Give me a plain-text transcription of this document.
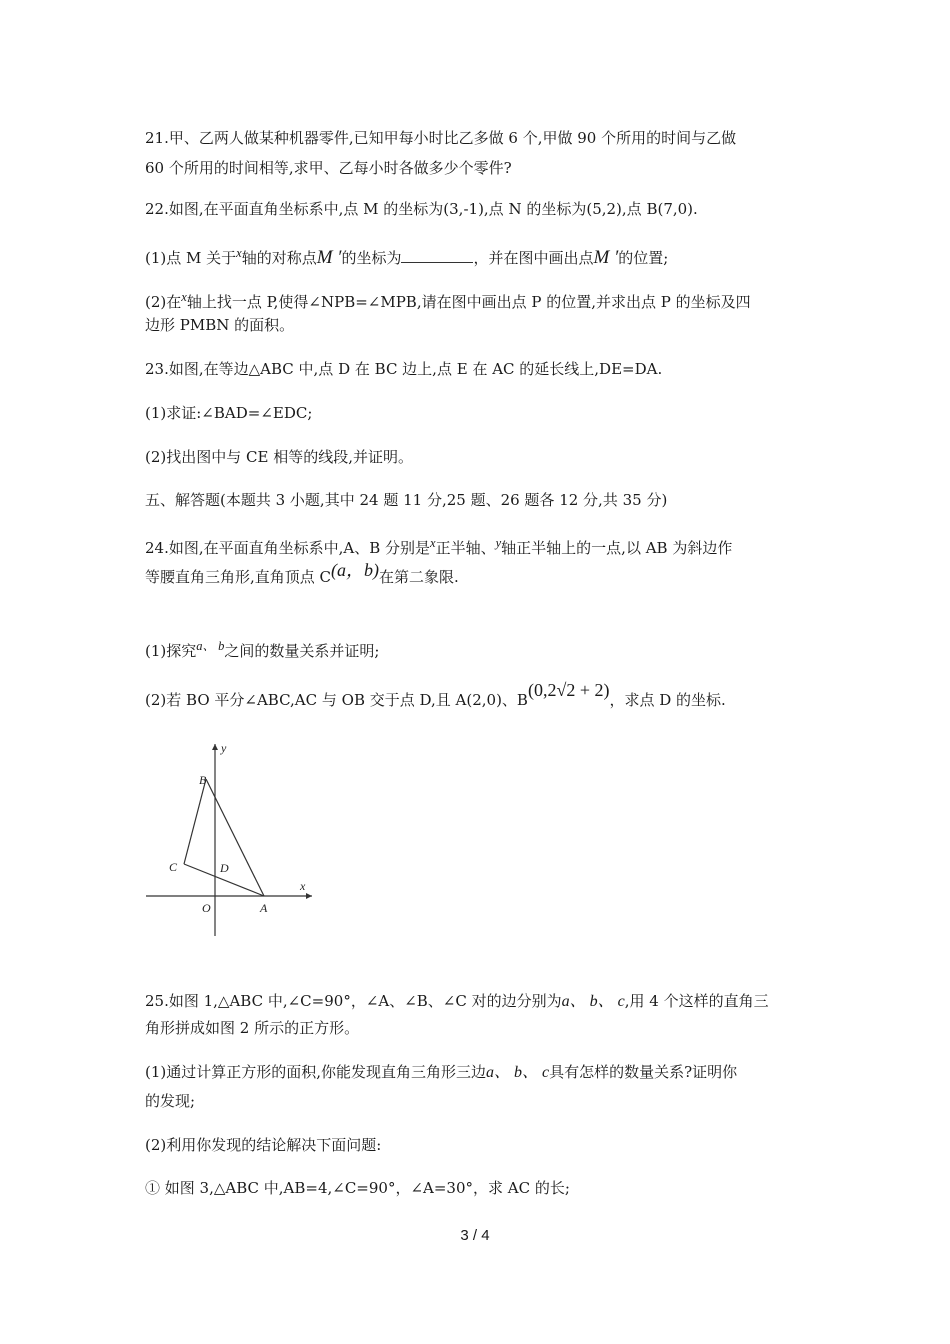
21.甲、乙两人做某种机器零件,已知甲每小时比乙多做 6 个,甲做 90 个所用的时间与乙做
60 个所用的时间相等,求甲、乙每小时各做多少个零件?
22.如图,在平面直角坐标系中,点 M 的坐标为(3,-1),点 N 的坐标为(5,2),点 B(7,0).
(1)点 M 关于$^x$轴的对称点M ′的坐标为	，并在图中画出点M ′的位置;
(2)在$^x$轴上找一点 P,使得∠NPB=∠MPB,请在图中画出点 P 的位置,并求出点 P 的坐标及四
边形 PMBN 的面积。
23.如图,在等边△ABC 中,点 D 在 BC 边上,点 E 在 AC 的延长线上,DE=DA.
(1)求证:∠BAD=∠EDC;
(2)找出图中与 CE 相等的线段,并证明。
五、解答题(本题共 3 小题,其中 24 题 11 分,25 题、26 题各 12 分,共 35 分)
24.如图,在平面直角坐标系中,A、B 分别是$^x$正半轴、$^y$轴正半轴上的一点,以 AB 为斜边作
等腰直角三角形,直角顶点 C(a，b)在第二象限.
(1)探究$^{a、 b}$之间的数量关系并证明;
(2)若 BO 平分∠ABC,AC 与 OB 交于点 D,且 A(2,0)、B(0,2√2 + 2)，求点 D 的坐标.
y
x
B
C	D
O	A
25.如图 1,△ABC 中,∠C=90°，∠A、∠B、∠C 对的边分别为a、 b、 c,用 4 个这样的直角三
角形拼成如图 2 所示的正方形。
(1)通过计算正方形的面积,你能发现直角三角形三边a、 b、 c具有怎样的数量关系?证明你
的发现;
(2)利用你发现的结论解决下面问题:
① 如图 3,△ABC 中,AB=4,∠C=90°，∠A=30°，求 AC 的长;
3 / 4
